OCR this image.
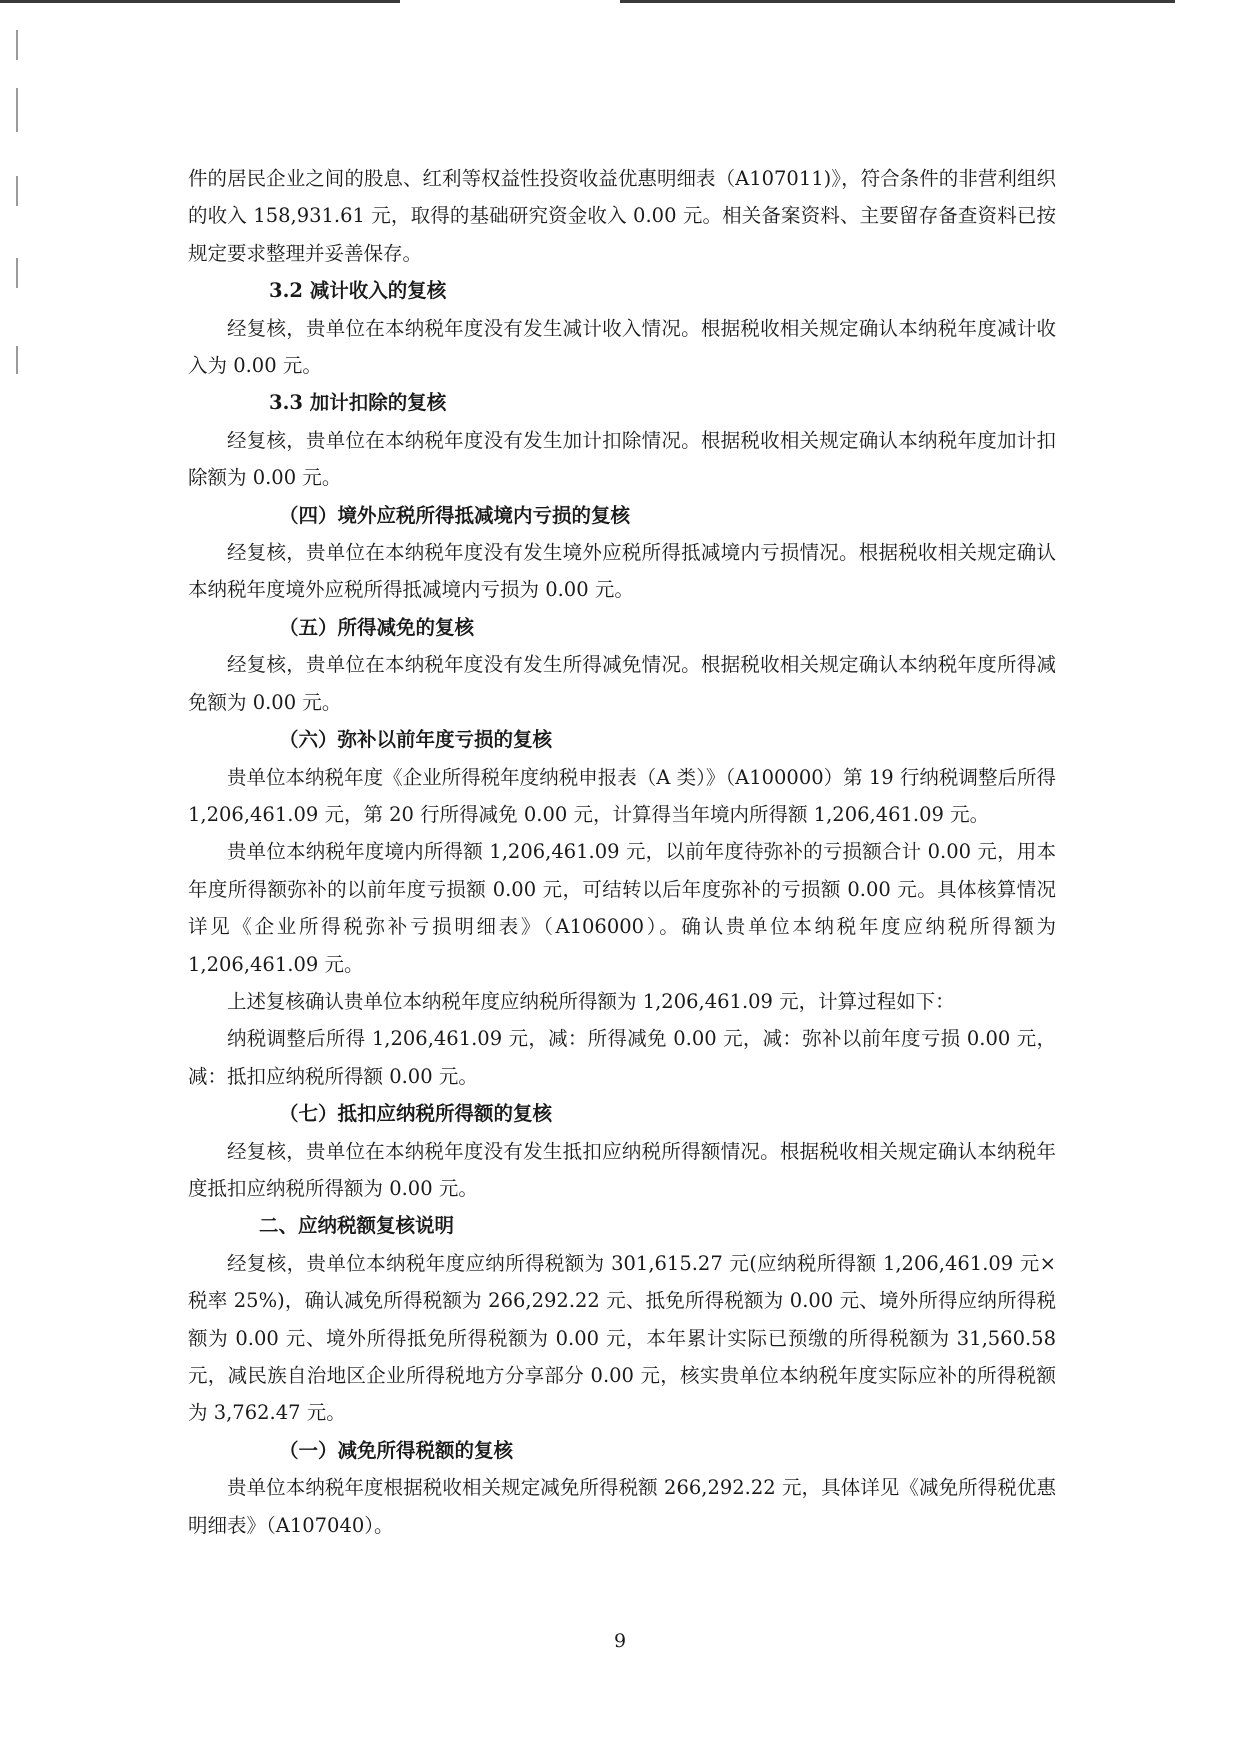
件的居民企业之间的股息、红利等权益性投资收益优惠明细表（A107011)》，符合条件的非营利组织的收入 158,931.61 元，取得的基础研究资金收入 0.00 元。相关备案资料、主要留存备查资料已按规定要求整理并妥善保存。

3.2 减计收入的复核

经复核，贵单位在本纳税年度没有发生减计收入情况。根据税收相关规定确认本纳税年度减计收入为 0.00 元。

3.3 加计扣除的复核

经复核，贵单位在本纳税年度没有发生加计扣除情况。根据税收相关规定确认本纳税年度加计扣除额为 0.00 元。

（四）境外应税所得抵减境内亏损的复核

经复核，贵单位在本纳税年度没有发生境外应税所得抵减境内亏损情况。根据税收相关规定确认本纳税年度境外应税所得抵减境内亏损为 0.00 元。

（五）所得减免的复核

经复核，贵单位在本纳税年度没有发生所得减免情况。根据税收相关规定确认本纳税年度所得减免额为 0.00 元。

（六）弥补以前年度亏损的复核

贵单位本纳税年度《企业所得税年度纳税申报表（A 类）》（A100000）第 19 行纳税调整后所得 1,206,461.09 元，第 20 行所得减免 0.00 元，计算得当年境内所得额 1,206,461.09 元。

贵单位本纳税年度境内所得额 1,206,461.09 元，以前年度待弥补的亏损额合计 0.00 元，用本年度所得额弥补的以前年度亏损额 0.00 元，可结转以后年度弥补的亏损额 0.00 元。具体核算情况详见《企业所得税弥补亏损明细表》（A106000）。确认贵单位本纳税年度应纳税所得额为 1,206,461.09 元。

上述复核确认贵单位本纳税年度应纳税所得额为 1,206,461.09 元，计算过程如下：

纳税调整后所得 1,206,461.09 元，减：所得减免 0.00 元，减：弥补以前年度亏损 0.00 元，减：抵扣应纳税所得额 0.00 元。

（七）抵扣应纳税所得额的复核

经复核，贵单位在本纳税年度没有发生抵扣应纳税所得额情况。根据税收相关规定确认本纳税年度抵扣应纳税所得额为 0.00 元。

二、应纳税额复核说明

经复核，贵单位本纳税年度应纳所得税额为 301,615.27 元(应纳税所得额 1,206,461.09 元×税率 25%)，确认减免所得税额为 266,292.22 元、抵免所得税额为 0.00 元、境外所得应纳所得税额为 0.00 元、境外所得抵免所得税额为 0.00 元，本年累计实际已预缴的所得税额为 31,560.58 元，减民族自治地区企业所得税地方分享部分 0.00 元，核实贵单位本纳税年度实际应补的所得税额为 3,762.47 元。

（一）减免所得税额的复核

贵单位本纳税年度根据税收相关规定减免所得税额 266,292.22 元，具体详见《减免所得税优惠明细表》（A107040）。

9
